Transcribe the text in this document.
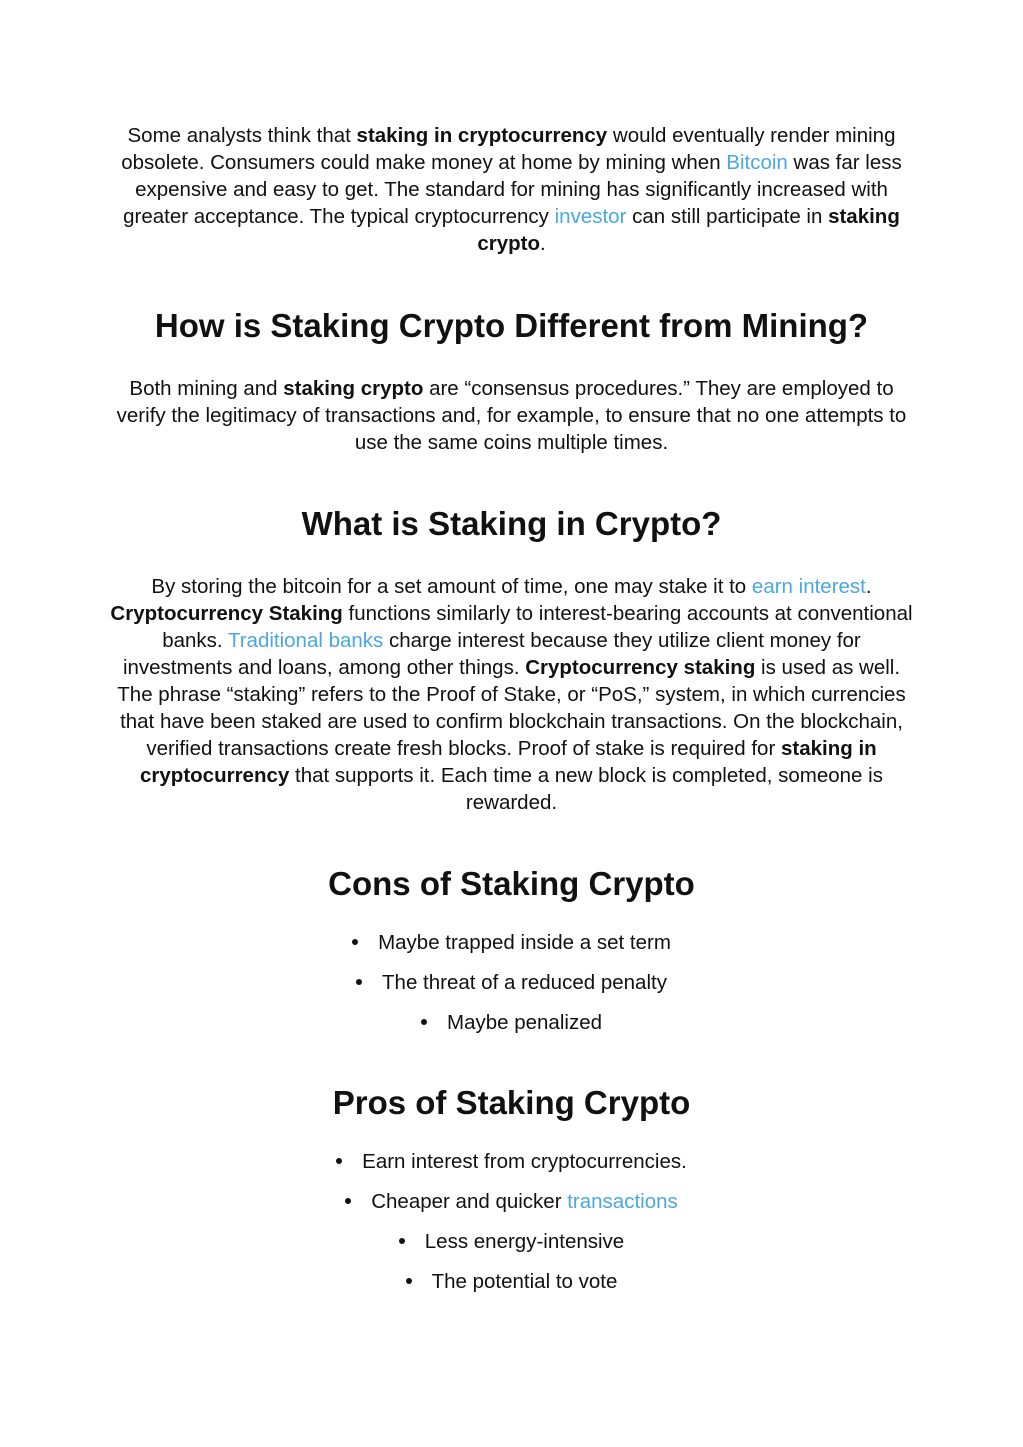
Some analysts think that staking in cryptocurrency would eventually render mining obsolete. Consumers could make money at home by mining when Bitcoin was far less expensive and easy to get. The standard for mining has significantly increased with greater acceptance. The typical cryptocurrency investor can still participate in staking crypto.

How is Staking Crypto Different from Mining?

Both mining and staking crypto are “consensus procedures.” They are employed to verify the legitimacy of transactions and, for example, to ensure that no one attempts to use the same coins multiple times.

What is Staking in Crypto?

By storing the bitcoin for a set amount of time, one may stake it to earn interest. Cryptocurrency Staking functions similarly to interest-bearing accounts at conventional banks. Traditional banks charge interest because they utilize client money for investments and loans, among other things. Cryptocurrency staking is used as well. The phrase “staking” refers to the Proof of Stake, or “PoS,” system, in which currencies that have been staked are used to confirm blockchain transactions. On the blockchain, verified transactions create fresh blocks. Proof of stake is required for staking in cryptocurrency that supports it. Each time a new block is completed, someone is rewarded.

Cons of Staking Crypto
Maybe trapped inside a set term
The threat of a reduced penalty
Maybe penalized
Pros of Staking Crypto
Earn interest from cryptocurrencies.
Cheaper and quicker transactions
Less energy-intensive
The potential to vote
